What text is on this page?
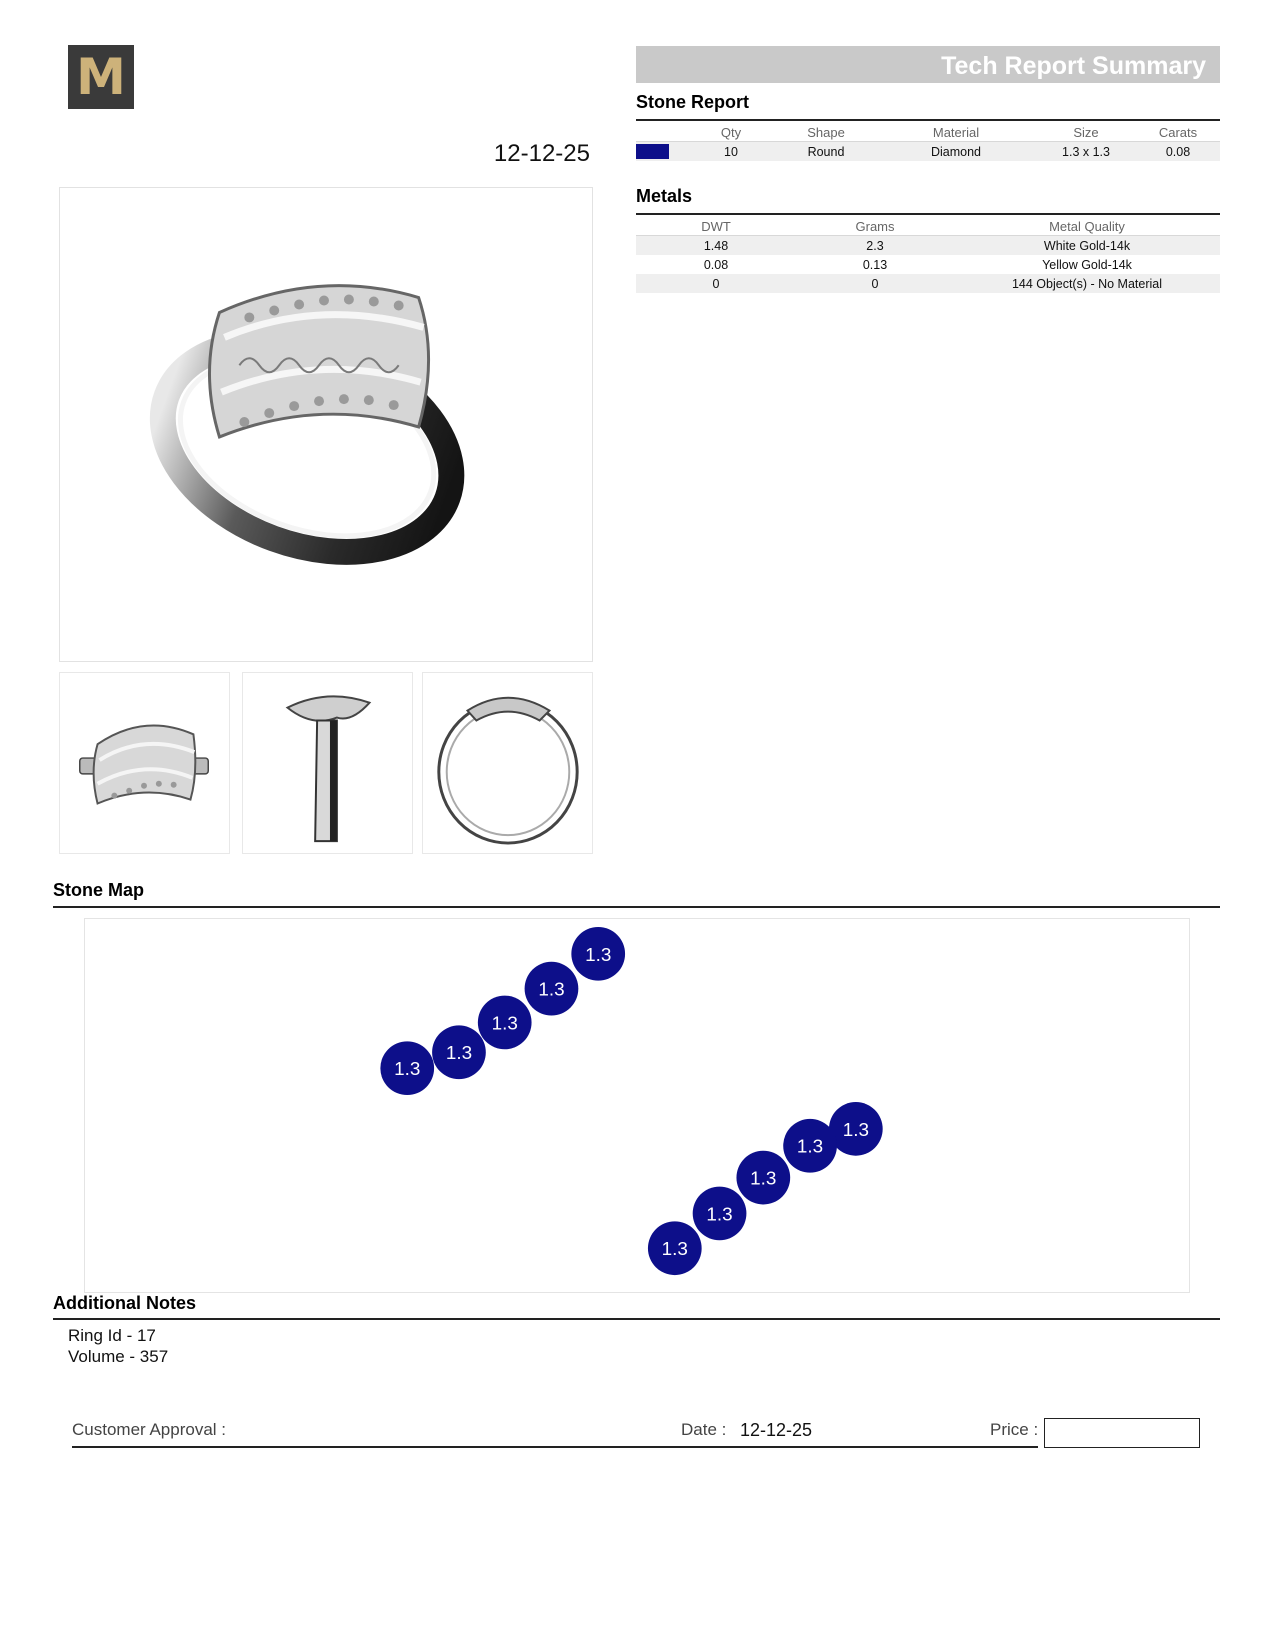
M
12-12-25
Tech Report Summary
Stone Report
Qty	Shape	Material	Size	Carats
10	Round	Diamond	1.3 x 1.3	0.08
Metals
DWT	Grams	Metal Quality
1.48	2.3	White Gold-14k
0.08	0.13	Yellow Gold-14k
0	0	144 Object(s) - No Material
Stone Map
1.3
1.3
1.3
1.3
1.3
1.3
1.3
1.3
1.3
1.3
Additional Notes
Ring Id - 17
Volume - 357
Customer Approval :	Date : 12-12-25	Price :
